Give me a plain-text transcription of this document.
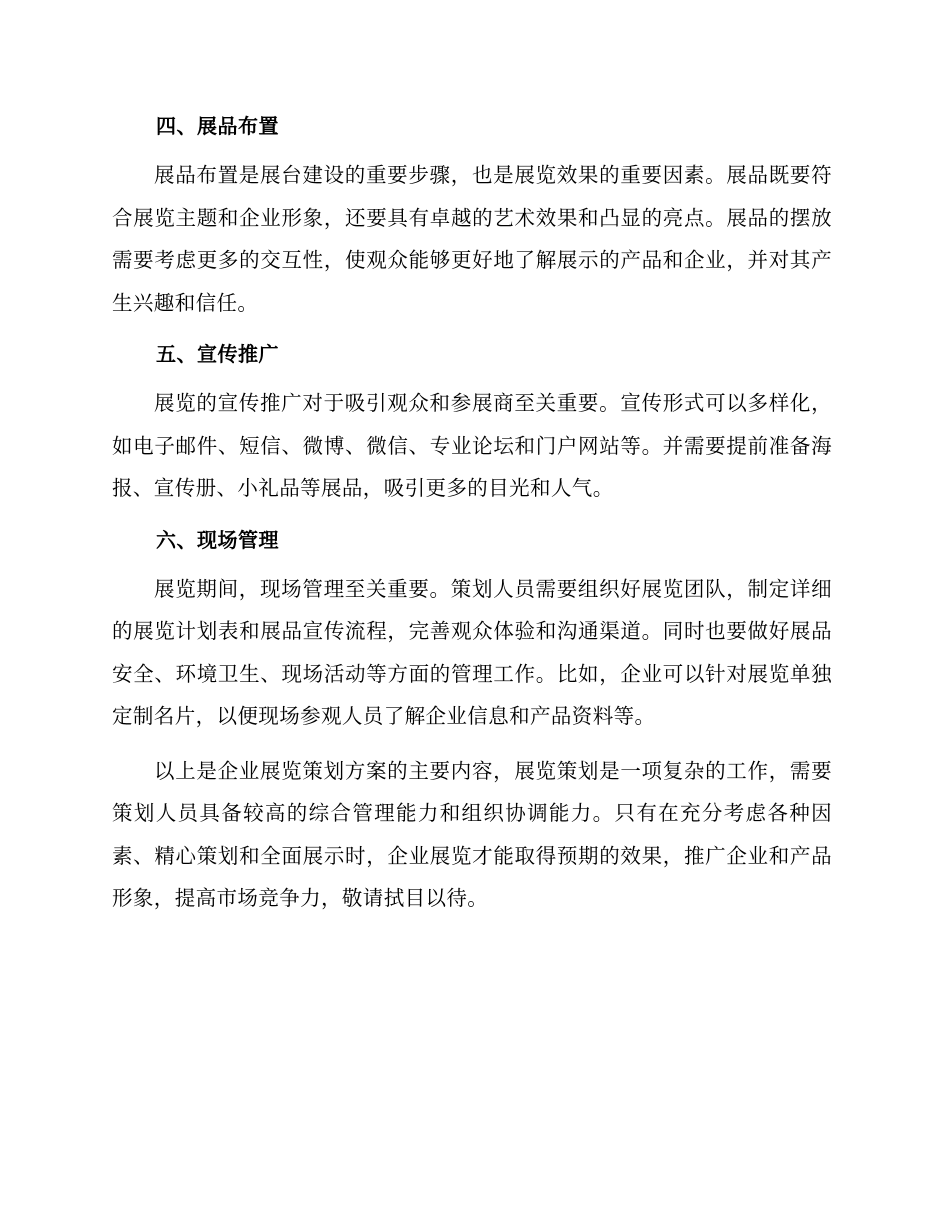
四、展品布置

展品布置是展台建设的重要步骤，也是展览效果的重要因素。展品既要符合展览主题和企业形象，还要具有卓越的艺术效果和凸显的亮点。展品的摆放需要考虑更多的交互性，使观众能够更好地了解展示的产品和企业，并对其产生兴趣和信任。

五、宣传推广

展览的宣传推广对于吸引观众和参展商至关重要。宣传形式可以多样化，如电子邮件、短信、微博、微信、专业论坛和门户网站等。并需要提前准备海报、宣传册、小礼品等展品，吸引更多的目光和人气。

六、现场管理

展览期间，现场管理至关重要。策划人员需要组织好展览团队，制定详细的展览计划表和展品宣传流程，完善观众体验和沟通渠道。同时也要做好展品安全、环境卫生、现场活动等方面的管理工作。比如，企业可以针对展览单独定制名片，以便现场参观人员了解企业信息和产品资料等。

以上是企业展览策划方案的主要内容，展览策划是一项复杂的工作，需要策划人员具备较高的综合管理能力和组织协调能力。只有在充分考虑各种因素、精心策划和全面展示时，企业展览才能取得预期的效果，推广企业和产品形象，提高市场竞争力，敬请拭目以待。
